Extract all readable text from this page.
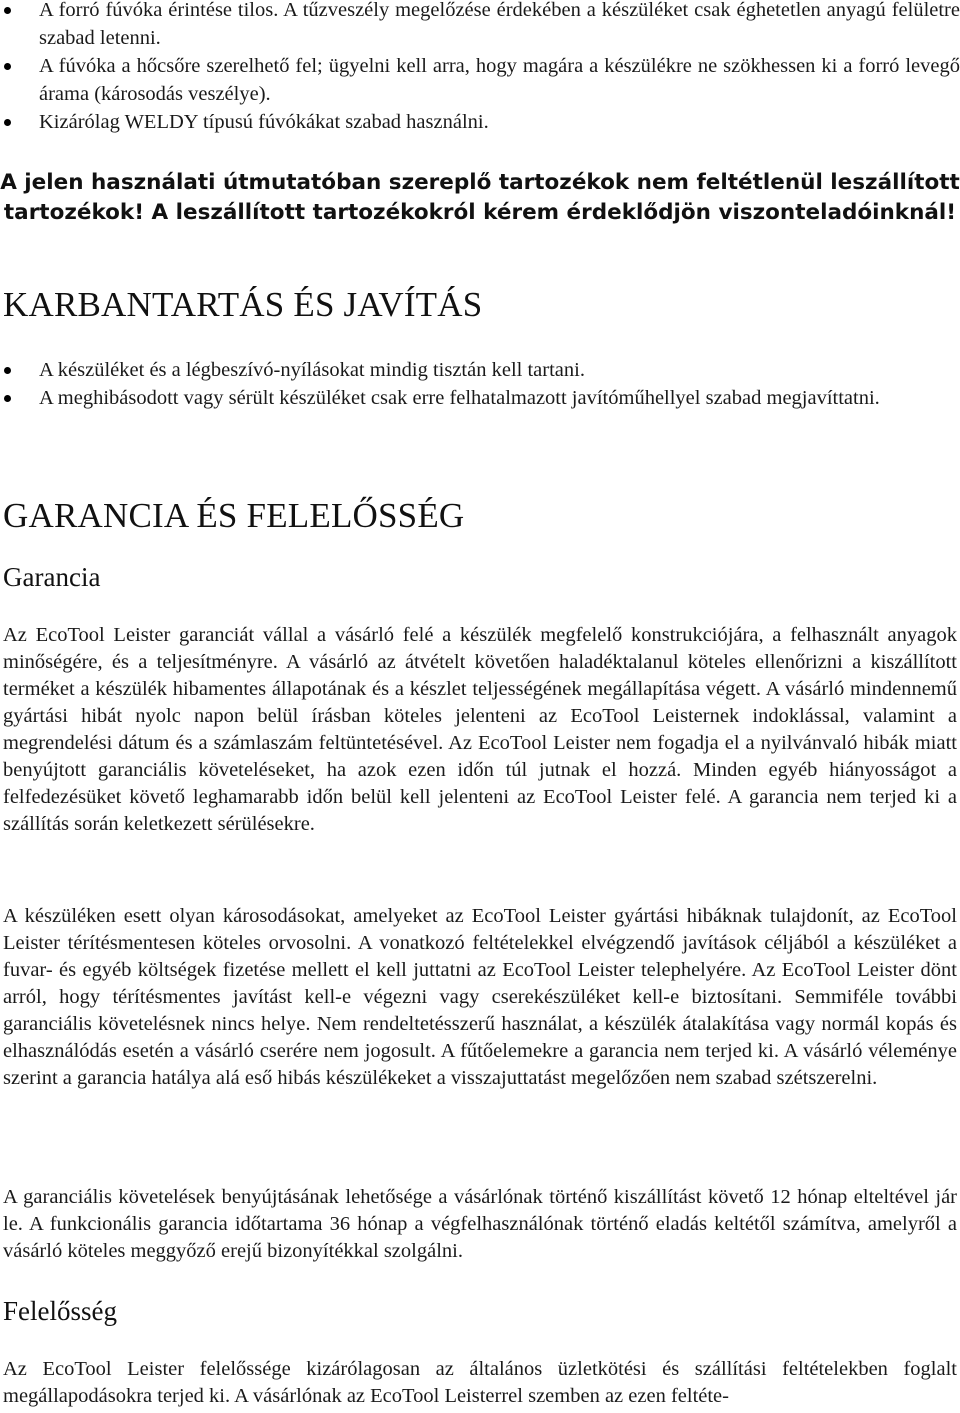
A forró fúvóka érintése tilos. A tűzveszély megelőzése érdekében a készüléket csak éghetetlen anyagú felületre szabad letenni.
A fúvóka a hőcsőre szerelhető fel; ügyelni kell arra, hogy magára a készülékre ne szökhessen ki a forró levegő árama (károsodás veszélye).
Kizárólag WELDY típusú fúvókákat szabad használni.
A jelen használati útmutatóban szereplő tartozékok nem feltétlenül leszállított tartozékok! A leszállított tartozékokról kérem érdeklődjön viszonteladóinknál!
KARBANTARTÁS ÉS JAVÍTÁS
A készüléket és a légbeszívó-nyílásokat mindig tisztán kell tartani.
A meghibásodott vagy sérült készüléket csak erre felhatalmazott javítóműhellyel szabad megjavíttatni.
GARANCIA ÉS FELELŐSSÉG
Garancia

Az EcoTool Leister garanciát vállal a vásárló felé a készülék megfelelő konstrukciójára, a felhasznált anyagok minőségére, és a teljesítményre. A vásárló az átvételt követően haladéktalanul köteles ellenőrizni a kiszállított terméket a készülék hibamentes állapotának és a készlet teljességének megállapítása végett. A vásárló mindennemű gyártási hibát nyolc napon belül írásban köteles jelenteni az EcoTool Leisternek indoklással, valamint a megrendelési dátum és a számlaszám feltüntetésével. Az EcoTool Leister nem fogadja el a nyilvánvaló hibák miatt benyújtott garanciális követeléseket, ha azok ezen időn túl jutnak el hozzá. Minden egyéb hiányosságot a felfedezésüket követő leghamarabb időn belül kell jelenteni az EcoTool Leister felé. A garancia nem terjed ki a szállítás során keletkezett sérülésekre.

A készüléken esett olyan károsodásokat, amelyeket az EcoTool Leister gyártási hibáknak tulajdonít, az EcoTool Leister térítésmentesen köteles orvosolni. A vonatkozó feltételekkel elvégzendő javítások céljából a készüléket a fuvar- és egyéb költségek fizetése mellett el kell juttatni az EcoTool Leister telephelyére. Az EcoTool Leister dönt arról, hogy térítésmentes javítást kell-e végezni vagy cserekészüléket kell-e biztosítani. Semmiféle további garanciális követelésnek nincs helye. Nem rendeltetésszerű használat, a készülék átalakítása vagy normál kopás és elhasználódás esetén a vásárló cserére nem jogosult. A fűtőelemekre a garancia nem terjed ki. A vásárló véleménye szerint a garancia hatálya alá eső hibás készülékeket a visszajuttatást megelőzően nem szabad szétszerelni.

A garanciális követelések benyújtásának lehetősége a vásárlónak történő kiszállítást követő 12 hónap elteltével jár le. A funkcionális garancia időtartama 36 hónap a végfelhasználónak történő eladás keltétől számítva, amelyről a vásárló köteles meggyőző erejű bizonyítékkal szolgálni.

Felelősség

Az EcoTool Leister felelőssége kizárólagosan az általános üzletkötési és szállítási feltételekben foglalt megállapodásokra terjed ki. A vásárlónak az EcoTool Leisterrel szemben az ezen feltéte-
